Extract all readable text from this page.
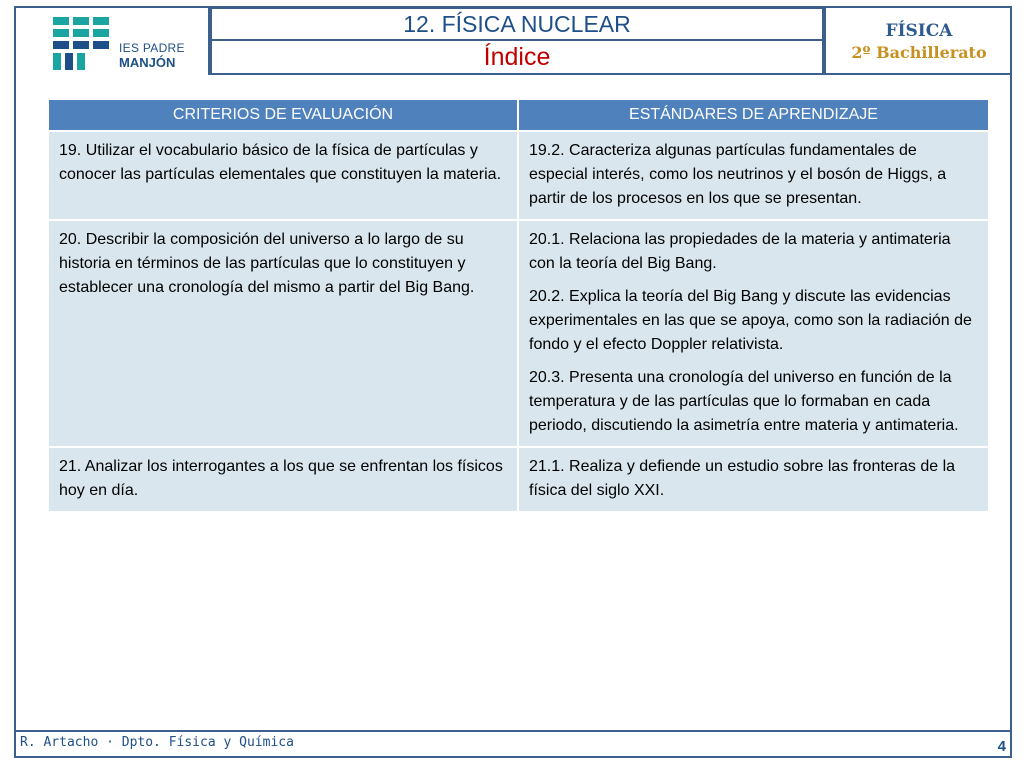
IES PADRE
MANJÓN
12. FÍSICA NUCLEAR
Índice
FÍSICA
2º Bachillerato
CRITERIOS DE EVALUACIÓN	ESTÁNDARES DE APRENDIZAJE
19. Utilizar el vocabulario básico de la física de partículas y conocer las partículas elementales que constituyen la materia.	19.2. Caracteriza algunas partículas fundamentales de especial interés, como los neutrinos y el bosón de Higgs, a partir de los procesos en los que se presentan.

20. Describir la composición del universo a lo largo de su historia en términos de las partículas que lo constituyen y establecer una cronología del mismo a partir del Big Bang.	20.1. Relaciona las propiedades de la materia y antimateria con la teoría del Big Bang.

20.2. Explica la teoría del Big Bang y discute las evidencias experimentales en las que se apoya, como son la radiación de fondo y el efecto Doppler relativista.

20.3. Presenta una cronología del universo en función de la temperatura y de las partículas que lo formaban en cada periodo, discutiendo la asimetría entre materia y antimateria.

21. Analizar los interrogantes a los que se enfrentan los físicos hoy en día.	21.1. Realiza y defiende un estudio sobre las fronteras de la física del siglo XXI.

R. Artacho · Dpto. Física y Química	4
